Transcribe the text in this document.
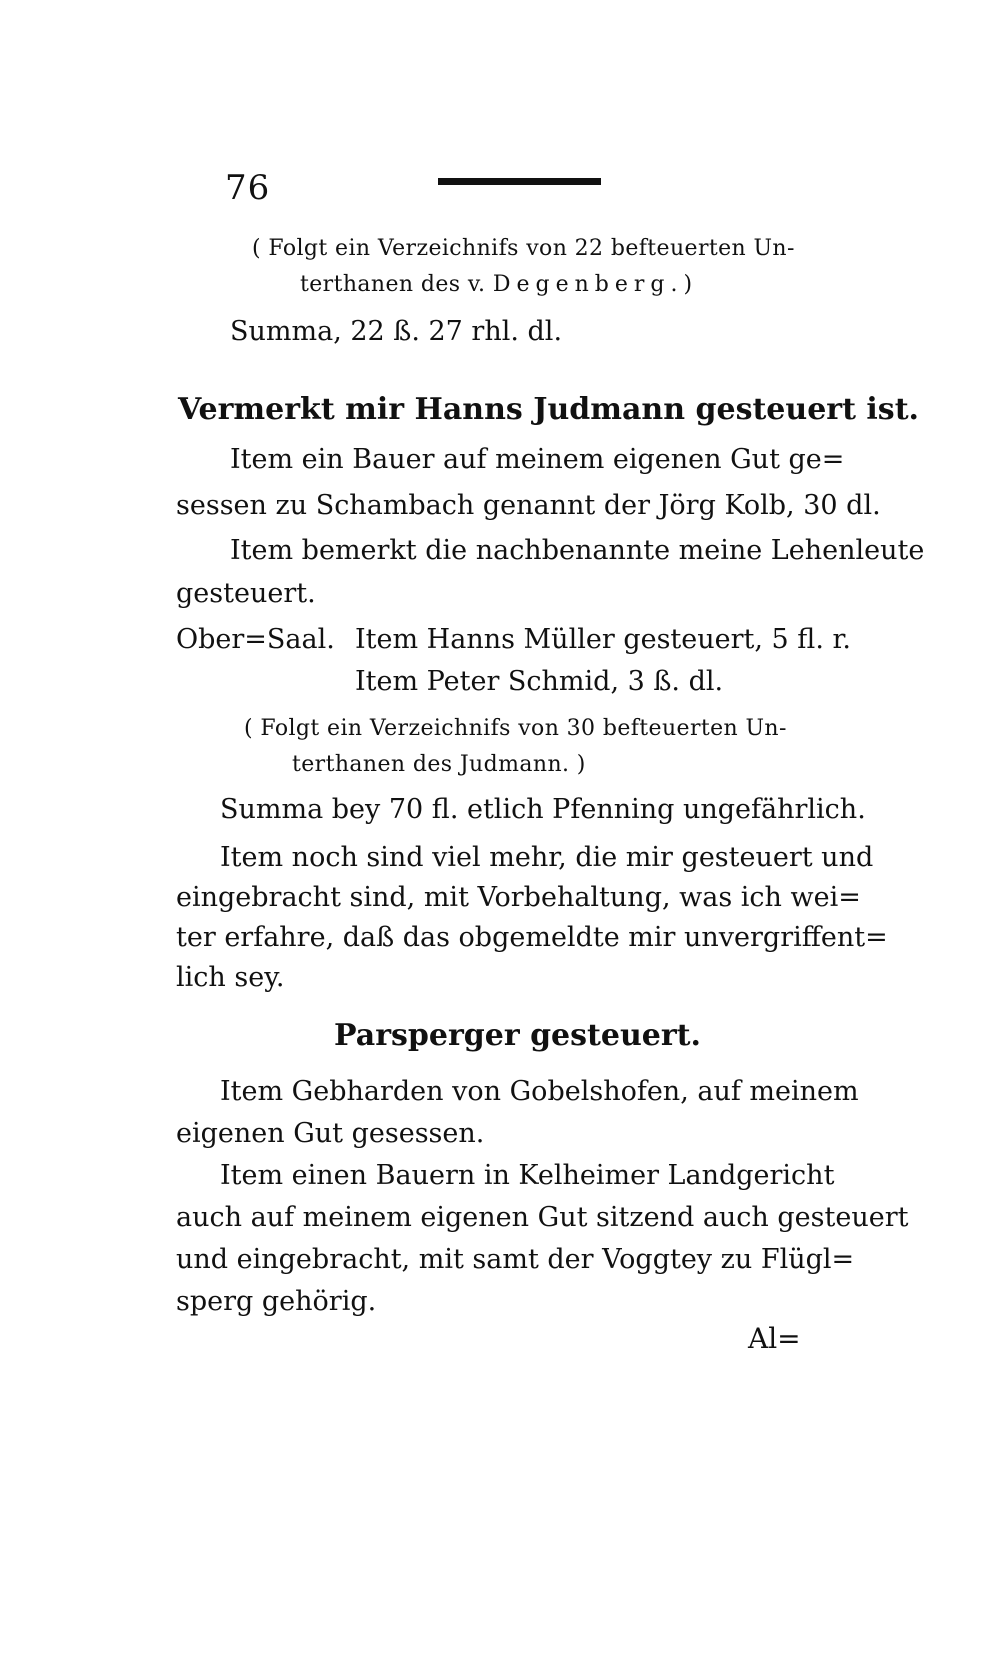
76
( Folgt ein Verzeichnifs von 22 befteuerten Un-
terthanen des v. Degenberg.)
Summa, 22 ß. 27 rhl. dl.
Vermerkt mir Hanns Judmann gesteuert ist.
Item ein Bauer auf meinem eigenen Gut ge=
sessen zu Schambach genannt der Jörg Kolb, 30 dl.
Item bemerkt die nachbenannte meine Lehenleute
gesteuert.
Ober=Saal. Item Hanns Müller gesteuert, 5 fl. r.
Item Peter Schmid, 3 ß. dl.
( Folgt ein Verzeichnifs von 30 befteuerten Un-
terthanen des Judmann. )
Summa bey 70 fl. etlich Pfenning ungefährlich.
Item noch sind viel mehr, die mir gesteuert und
eingebracht sind, mit Vorbehaltung, was ich wei=
ter erfahre, daß das obgemeldte mir unvergriffent=
lich sey.
Parsperger gesteuert.
Item Gebharden von Gobelshofen, auf meinem
eigenen Gut gesessen.
Item einen Bauern in Kelheimer Landgericht
auch auf meinem eigenen Gut sitzend auch gesteuert
und eingebracht, mit samt der Voggtey zu Flügl=
sperg gehörig.
Al=
